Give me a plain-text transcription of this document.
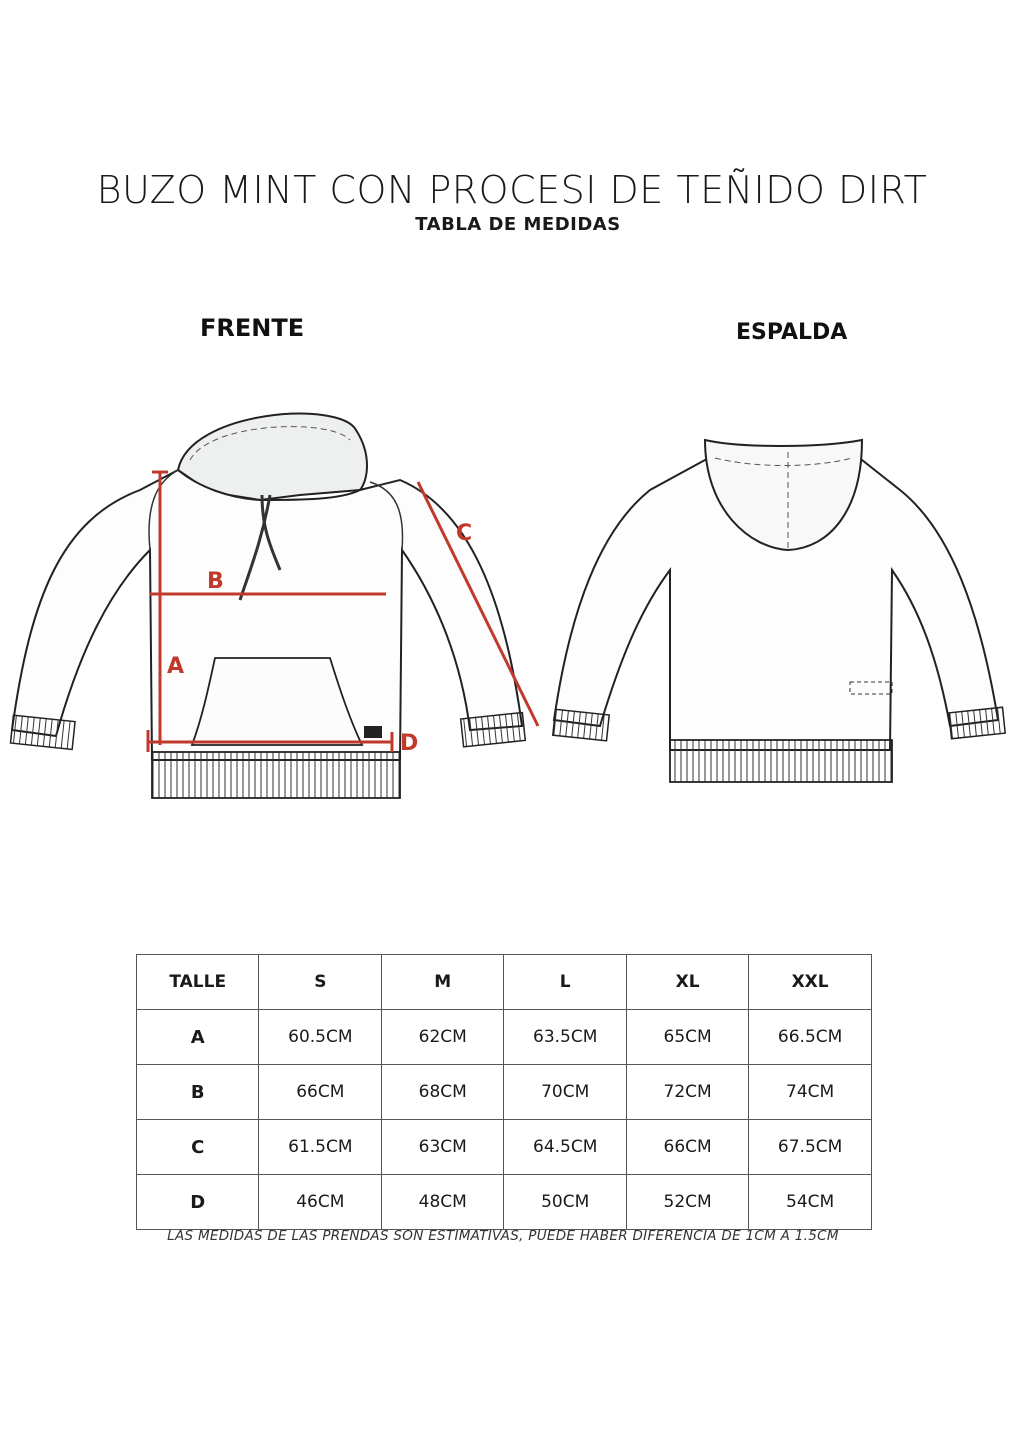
BUZO MINT CON PROCESI DE TEÑIDO DIRT
TABLA DE MEDIDAS
FRENTE	ESPALDA
A
B
C
D
TALLE	S	M	L	XL	XXL
A	60.5CM	62CM	63.5CM	65CM	66.5CM
B	66CM	68CM	70CM	72CM	74CM
C	61.5CM	63CM	64.5CM	66CM	67.5CM
D	46CM	48CM	50CM	52CM	54CM
LAS MEDIDAS DE LAS PRENDAS SON ESTIMATIVAS, PUEDE HABER DIFERENCIA DE 1CM A 1.5CM
